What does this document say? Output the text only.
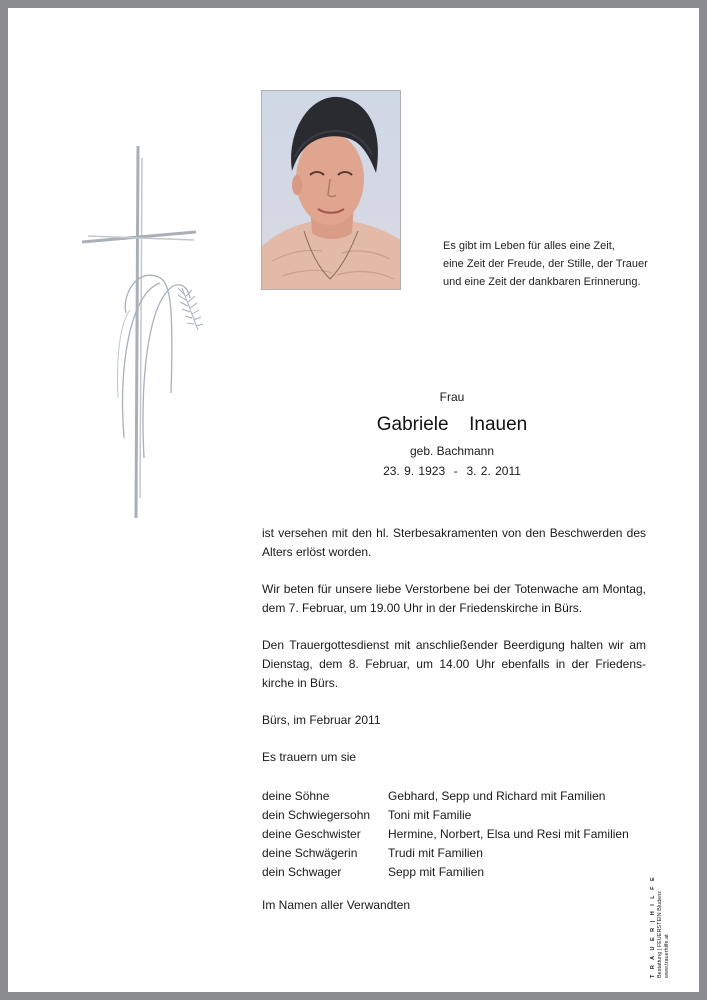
Es gibt im Leben für alles eine Zeit,
eine Zeit der Freude, der Stille, der Trauer
und eine Zeit der dankbaren Erinnerung.
Frau
Gabriele  Inauen
geb. Bachmann
23. 9. 1923  -  3. 2. 2011

ist versehen mit den hl. Sterbesakramenten von den Beschwerden des Alters erlöst worden.

Wir beten für unsere liebe Verstorbene bei der Totenwache am Montag, dem 7. Februar, um 19.00 Uhr in der Friedenskirche in Bürs.

Den Trauergottesdienst mit anschließender Beerdigung halten wir am Dienstag, dem 8. Februar, um 14.00 Uhr ebenfalls in der Friedens-kirche in Bürs.

Bürs, im Februar 2011

Es trauern um sie

deine Söhne	Gebhard, Sepp und Richard mit Familien
dein Schwiegersohn	Toni mit Familie
deine Geschwister	Hermine, Norbert, Elsa und Resi mit Familien
deine Schwägerin	Trudi mit Familien
dein Schwager	Sepp mit Familien
Im Namen aller Verwandten	T R A U E R | H I L F E Bestattung | FEUERSTEIN Bludenz www.trauerhilfe.at
